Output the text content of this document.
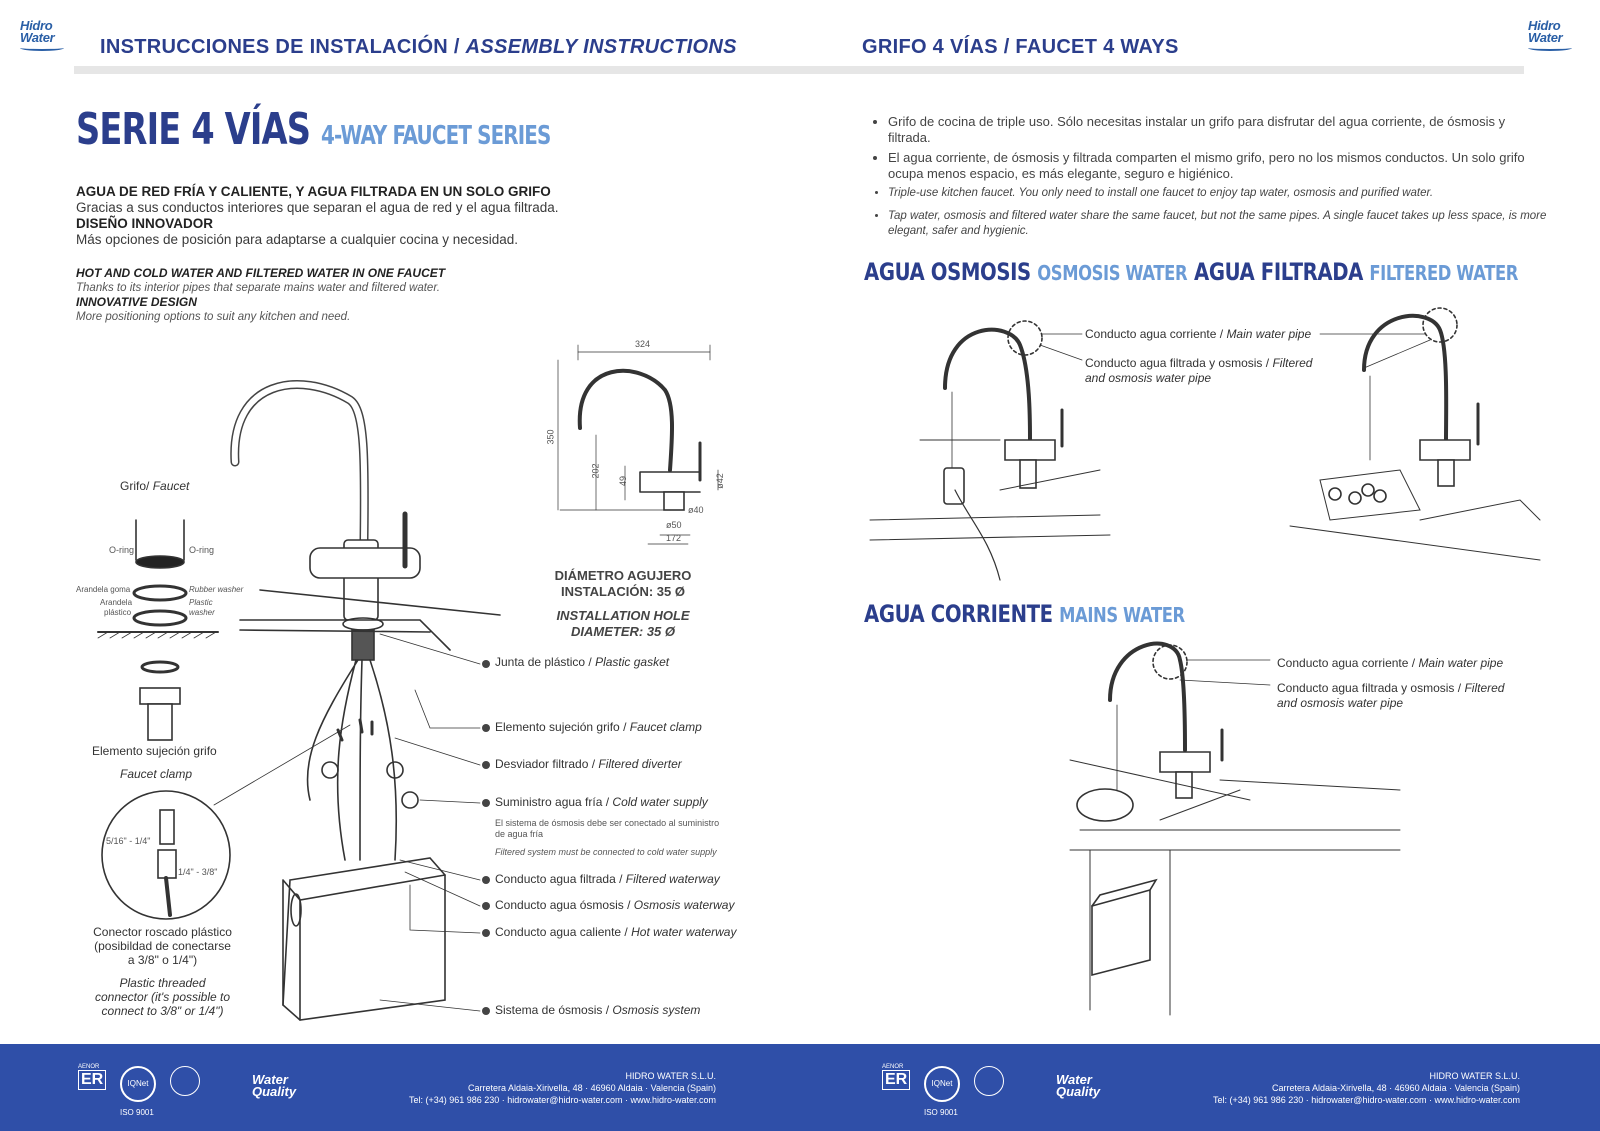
Hidro
Water
Hidro
Water
INSTRUCCIONES DE INSTALACIÓN / ASSEMBLY INSTRUCTIONS	GRIFO 4 VÍAS / FAUCET 4 WAYS
SERIE 4 VÍAS 4-WAY FAUCET SERIES
AGUA DE RED FRÍA Y CALIENTE, Y AGUA FILTRADA EN UN SOLO GRIFO
Gracias a sus conductos interiores que separan el agua de red y el agua filtrada.
DISEÑO INNOVADOR
Más opciones de posición para adaptarse a cualquier cocina y necesidad.
HOT AND COLD WATER AND FILTERED WATER IN ONE FAUCET
Thanks to its interior pipes that separate mains water and filtered water.
INNOVATIVE DESIGN
More positioning options to suit any kitchen and need.
• Grifo de cocina de triple uso. Sólo necesitas instalar un grifo para disfrutar del agua corriente, de ósmosis y filtrada.
• El agua corriente, de ósmosis y filtrada comparten el mismo grifo, pero no los mismos conductos. Un solo grifo ocupa menos espacio, es más elegante, seguro e higiénico.
• Triple-use kitchen faucet. You only need to install one faucet to enjoy tap water, osmosis and purified water.
• Tap water, osmosis and filtered water share the same faucet, but not the same pipes. A single faucet takes up less space, is more elegant, safer and hygienic.
AGUA OSMOSIS OSMOSIS WATER AGUA FILTRADA FILTERED WATER
AGUA CORRIENTE MAINS WATER
324
350
202
49	ø42
ø40
ø50
172
DIÁMETRO AGUJERO
INSTALACIÓN: 35 Ø
INSTALLATION HOLE
DIAMETER: 35 Ø
Grifo/ Faucet
O-ring	O-ring
Arandela goma	Rubber washer
Arandela
plástico
Plastic
washer
Elemento sujeción grifo
Faucet clamp
5/16" - 1/4"
1/4" - 3/8"
Conector roscado plástico
(posibildad de conectarse
a 3/8" o 1/4")
Plastic threaded
connector (it's possible to
connect to 3/8" or 1/4")
Junta de plástico / Plastic gasket
Elemento sujeción grifo / Faucet clamp
Desviador filtrado / Filtered diverter
Suministro agua fría / Cold water supply
El sistema de ósmosis debe ser conectado al suministro
de agua fría
Filtered system must be connected to cold water supply
Conducto agua filtrada / Filtered waterway
Conducto agua ósmosis / Osmosis waterway
Conducto agua caliente / Hot water waterway
Sistema de ósmosis / Osmosis system
Conducto agua corriente / Main water pipe
Conducto agua filtrada y osmosis / Filtered
and osmosis water pipe
Conducto agua corriente / Main water pipe
Conducto agua filtrada y osmosis / Filtered
and osmosis water pipe
AENOR
ER	IQNet
ISO 9001
Water
Quality
HIDRO WATER S.L.U.
Carretera Aldaia-Xirivella, 48 · 46960 Aldaia · Valencia (Spain)
Tel: (+34) 961 986 230 · hidrowater@hidro-water.com · www.hidro-water.com
AENOR
ER	IQNet
ISO 9001
Water
Quality
HIDRO WATER S.L.U.
Carretera Aldaia-Xirivella, 48 · 46960 Aldaia · Valencia (Spain)
Tel: (+34) 961 986 230 · hidrowater@hidro-water.com · www.hidro-water.com
